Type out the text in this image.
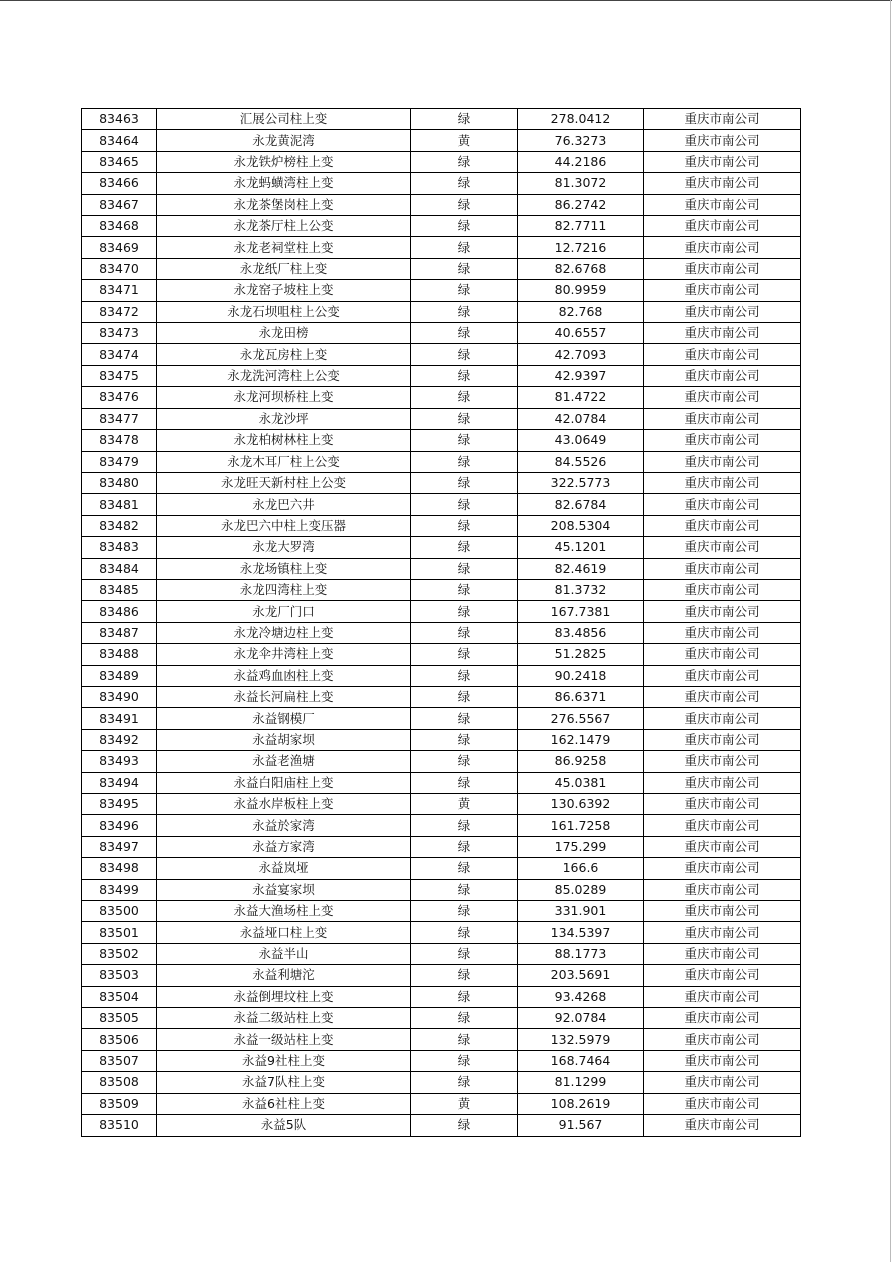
83463	汇展公司柱上变	绿	278.0412	重庆市南公司
83464	永龙黄泥湾	黄	76.3273	重庆市南公司
83465	永龙铁炉榜柱上变	绿	44.2186	重庆市南公司
83466	永龙蚂蟥湾柱上变	绿	81.3072	重庆市南公司
83467	永龙茶堡岗柱上变	绿	86.2742	重庆市南公司
83468	永龙茶厅柱上公变	绿	82.7711	重庆市南公司
83469	永龙老祠堂柱上变	绿	12.7216	重庆市南公司
83470	永龙纸厂柱上变	绿	82.6768	重庆市南公司
83471	永龙窑子坡柱上变	绿	80.9959	重庆市南公司
83472	永龙石坝咀柱上公变	绿	82.768	重庆市南公司
83473	永龙田榜	绿	40.6557	重庆市南公司
83474	永龙瓦房柱上变	绿	42.7093	重庆市南公司
83475	永龙洗河湾柱上公变	绿	42.9397	重庆市南公司
83476	永龙河坝桥柱上变	绿	81.4722	重庆市南公司
83477	永龙沙坪	绿	42.0784	重庆市南公司
83478	永龙柏树林柱上变	绿	43.0649	重庆市南公司
83479	永龙木耳厂柱上公变	绿	84.5526	重庆市南公司
83480	永龙旺天新村柱上公变	绿	322.5773	重庆市南公司
83481	永龙巴六井	绿	82.6784	重庆市南公司
83482	永龙巴六中柱上变压器	绿	208.5304	重庆市南公司
83483	永龙大罗湾	绿	45.1201	重庆市南公司
83484	永龙场镇柱上变	绿	82.4619	重庆市南公司
83485	永龙四湾柱上变	绿	81.3732	重庆市南公司
83486	永龙厂门口	绿	167.7381	重庆市南公司
83487	永龙冷塘边柱上变	绿	83.4856	重庆市南公司
83488	永龙伞井湾柱上变	绿	51.2825	重庆市南公司
83489	永益鸡血凼柱上变	绿	90.2418	重庆市南公司
83490	永益长河扁柱上变	绿	86.6371	重庆市南公司
83491	永益钢模厂	绿	276.5567	重庆市南公司
83492	永益胡家坝	绿	162.1479	重庆市南公司
83493	永益老渔塘	绿	86.9258	重庆市南公司
83494	永益白阳庙柱上变	绿	45.0381	重庆市南公司
83495	永益水岸板柱上变	黄	130.6392	重庆市南公司
83496	永益於家湾	绿	161.7258	重庆市南公司
83497	永益方家湾	绿	175.299	重庆市南公司
83498	永益岚垭	绿	166.6	重庆市南公司
83499	永益宴家坝	绿	85.0289	重庆市南公司
83500	永益大渔场柱上变	绿	331.901	重庆市南公司
83501	永益垭口柱上变	绿	134.5397	重庆市南公司
83502	永益半山	绿	88.1773	重庆市南公司
83503	永益利塘沱	绿	203.5691	重庆市南公司
83504	永益倒埋坟柱上变	绿	93.4268	重庆市南公司
83505	永益二级站柱上变	绿	92.0784	重庆市南公司
83506	永益一级站柱上变	绿	132.5979	重庆市南公司
83507	永益9社柱上变	绿	168.7464	重庆市南公司
83508	永益7队柱上变	绿	81.1299	重庆市南公司
83509	永益6社柱上变	黄	108.2619	重庆市南公司
83510	永益5队	绿	91.567	重庆市南公司
